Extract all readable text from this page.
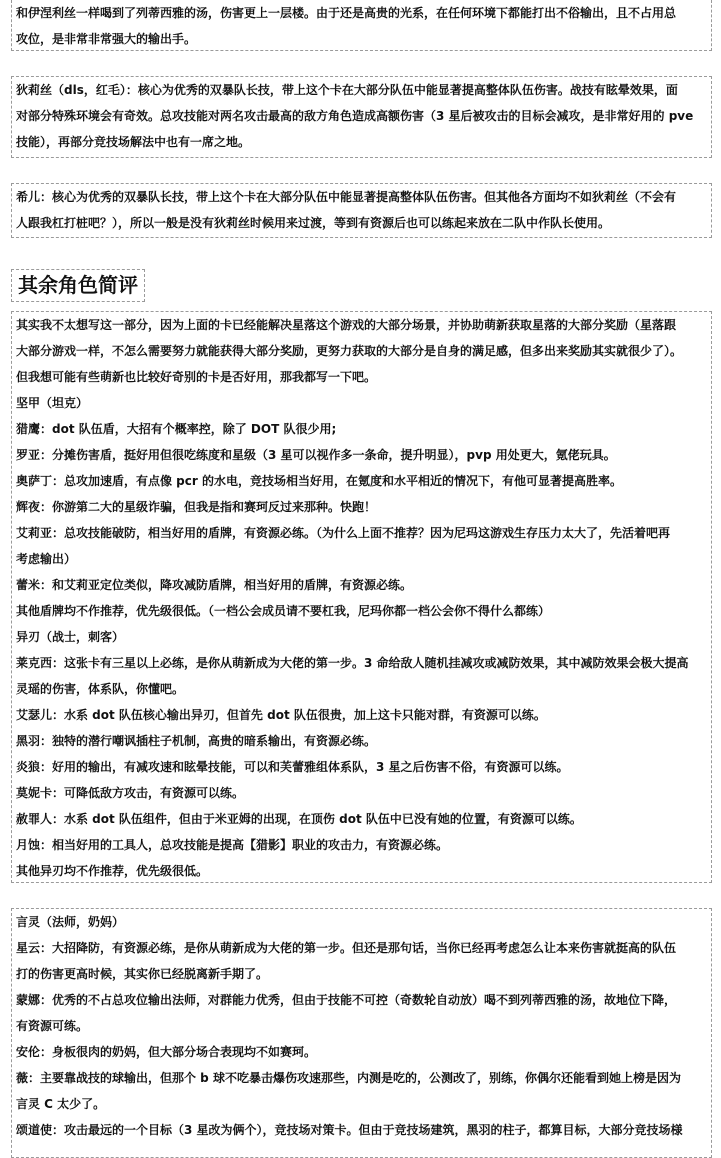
和伊涅利丝一样喝到了列蒂西雅的汤，伤害更上一层楼。由于还是高贵的光系，在任何环境下都能打出不俗输出，且不占用总

攻位，是非常非常强大的输出手。

狄莉丝（dls，红毛）：核心为优秀的双暴队长技，带上这个卡在大部分队伍中能显著提高整体队伍伤害。战技有眩晕效果，面

对部分特殊环境会有奇效。总攻技能对两名攻击最高的敌方角色造成高额伤害（3 星后被攻击的目标会减攻，是非常好用的 pve

技能），再部分竞技场解法中也有一席之地。

希儿：核心为优秀的双暴队长技，带上这个卡在大部分队伍中能显著提高整体队伍伤害。但其他各方面均不如狄莉丝（不会有

人跟我杠打桩吧？），所以一般是没有狄莉丝时候用来过渡，等到有资源后也可以练起来放在二队中作队长使用。

其余角色简评

其实我不太想写这一部分，因为上面的卡已经能解决星落这个游戏的大部分场景，并协助萌新获取星落的大部分奖励（星落跟

大部分游戏一样，不怎么需要努力就能获得大部分奖励，更努力获取的大部分是自身的满足感，但多出来奖励其实就很少了）。

但我想可能有些萌新也比较好奇别的卡是否好用，那我都写一下吧。

坚甲（坦克）

猎鹰：dot 队伍盾，大招有个概率控，除了 DOT 队很少用;

罗亚：分摊伤害盾，挺好用但很吃练度和星级（3 星可以视作多一条命，提升明显），pvp 用处更大，氪佬玩具。

奥萨丁：总攻加速盾，有点像 pcr 的水电，竞技场相当好用，在氪度和水平相近的情况下，有他可显著提高胜率。

辉夜：你游第二大的星级诈骗，但我是指和赛珂反过来那种。快跑！

艾莉亚：总攻技能破防，相当好用的盾牌，有资源必练。（为什么上面不推荐？因为尼玛这游戏生存压力太大了，先活着吧再

考虑输出）

蕾米：和艾莉亚定位类似，降攻减防盾牌，相当好用的盾牌，有资源必练。

其他盾牌均不作推荐，优先级很低。（一档公会成员请不要杠我，尼玛你都一档公会你不得什么都练）

异刃（战士，刺客）

莱克西：这张卡有三星以上必练，是你从萌新成为大佬的第一步。3 命给敌人随机挂减攻或减防效果，其中减防效果会极大提高

灵瑶的伤害，体系队，你懂吧。

艾瑟儿：水系 dot 队伍核心输出异刃，但首先 dot 队伍很贵，加上这卡只能对群，有资源可以练。

黑羽：独特的潜行嘲讽插柱子机制，高贵的暗系输出，有资源必练。

炎狼：好用的输出，有减攻速和眩晕技能，可以和芙蕾雅组体系队，3 星之后伤害不俗，有资源可以练。

莫妮卡：可降低敌方攻击，有资源可以练。

赦罪人：水系 dot 队伍组件，但由于米亚姆的出现，在顶伤 dot 队伍中已没有她的位置，有资源可以练。

月蚀：相当好用的工具人，总攻技能是提高【猎影】职业的攻击力，有资源必练。

其他异刃均不作推荐，优先级很低。

言灵（法师，奶妈）

星云：大招降防，有资源必练，是你从萌新成为大佬的第一步。但还是那句话，当你已经再考虑怎么让本来伤害就挺高的队伍

打的伤害更高时候，其实你已经脱离新手期了。

蒙娜：优秀的不占总攻位输出法师，对群能力优秀，但由于技能不可控（奇数轮自动放）喝不到列蒂西雅的汤，故地位下降，

有资源可练。

安伦：身板很肉的奶妈，但大部分场合表现均不如赛珂。

薇：主要靠战技的球输出，但那个 b 球不吃暴击爆伤攻速那些，内测是吃的，公测改了，别练，你偶尔还能看到她上榜是因为

言灵 C 太少了。

颂道使：攻击最远的一个目标（3 星改为俩个），竞技场对策卡。但由于竞技场建筑，黑羽的柱子，都算目标，大部分竞技场様
